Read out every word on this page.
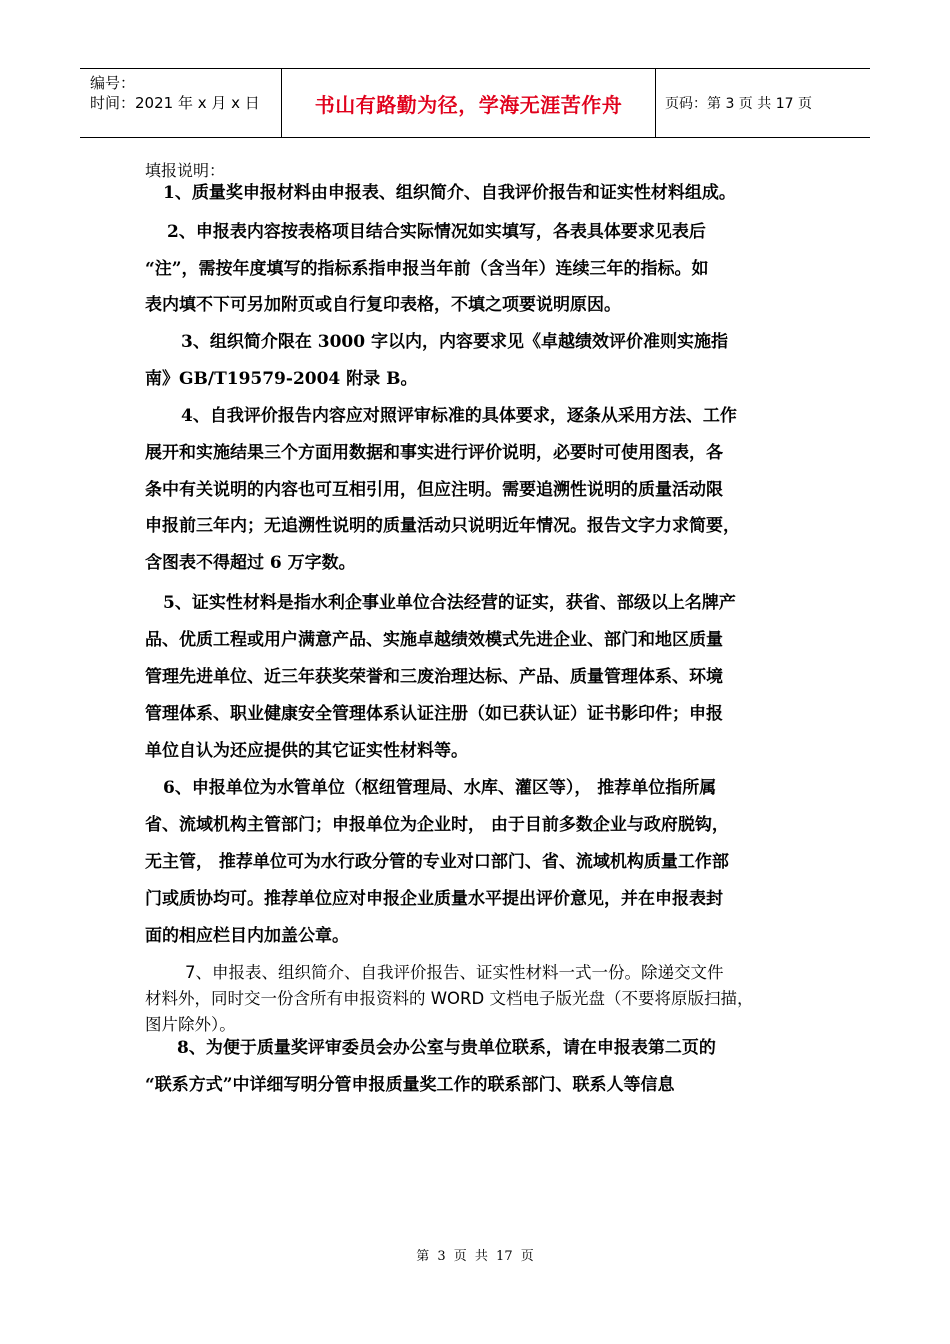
编号：
时间：2021 年 x 月 x 日	书山有路勤为径，学海无涯苦作舟	页码：第 3 页 共 17 页
填报说明：
1、质量奖申报材料由申报表、组织简介、自我评价报告和证实性材料组成。
2、申报表内容按表格项目结合实际情况如实填写，各表具体要求见表后
“注”，需按年度填写的指标系指申报当年前（含当年）连续三年的指标。如
表内填不下可另加附页或自行复印表格，不填之项要说明原因。
3、组织简介限在 3000 字以内，内容要求见《卓越绩效评价准则实施指
南》GB/T19579-2004 附录 B。
4、自我评价报告内容应对照评审标准的具体要求，逐条从采用方法、工作
展开和实施结果三个方面用数据和事实进行评价说明，必要时可使用图表，各
条中有关说明的内容也可互相引用，但应注明。需要追溯性说明的质量活动限
申报前三年内；无追溯性说明的质量活动只说明近年情况。报告文字力求简要，
含图表不得超过 6 万字数。
5、证实性材料是指水利企事业单位合法经营的证实，获省、部级以上名牌产
品、优质工程或用户满意产品、实施卓越绩效模式先进企业、部门和地区质量
管理先进单位、近三年获奖荣誉和三废治理达标、产品、质量管理体系、环境
管理体系、职业健康安全管理体系认证注册（如已获认证）证书影印件；申报
单位自认为还应提供的其它证实性材料等。
6、申报单位为水管单位（枢纽管理局、水库、灌区等）， 推荐单位指所属
省、流域机构主管部门；申报单位为企业时， 由于目前多数企业与政府脱钩，
无主管， 推荐单位可为水行政分管的专业对口部门、省、流域机构质量工作部
门或质协均可。推荐单位应对申报企业质量水平提出评价意见，并在申报表封
面的相应栏目内加盖公章。
7、申报表、组织简介、自我评价报告、证实性材料一式一份。除递交文件
材料外，同时交一份含所有申报资料的 WORD 文档电子版光盘（不要将原版扫描，
图片除外）。
8、为便于质量奖评审委员会办公室与贵单位联系，请在申报表第二页的
“联系方式”中详细写明分管申报质量奖工作的联系部门、联系人等信息
第 3 页 共 17 页
